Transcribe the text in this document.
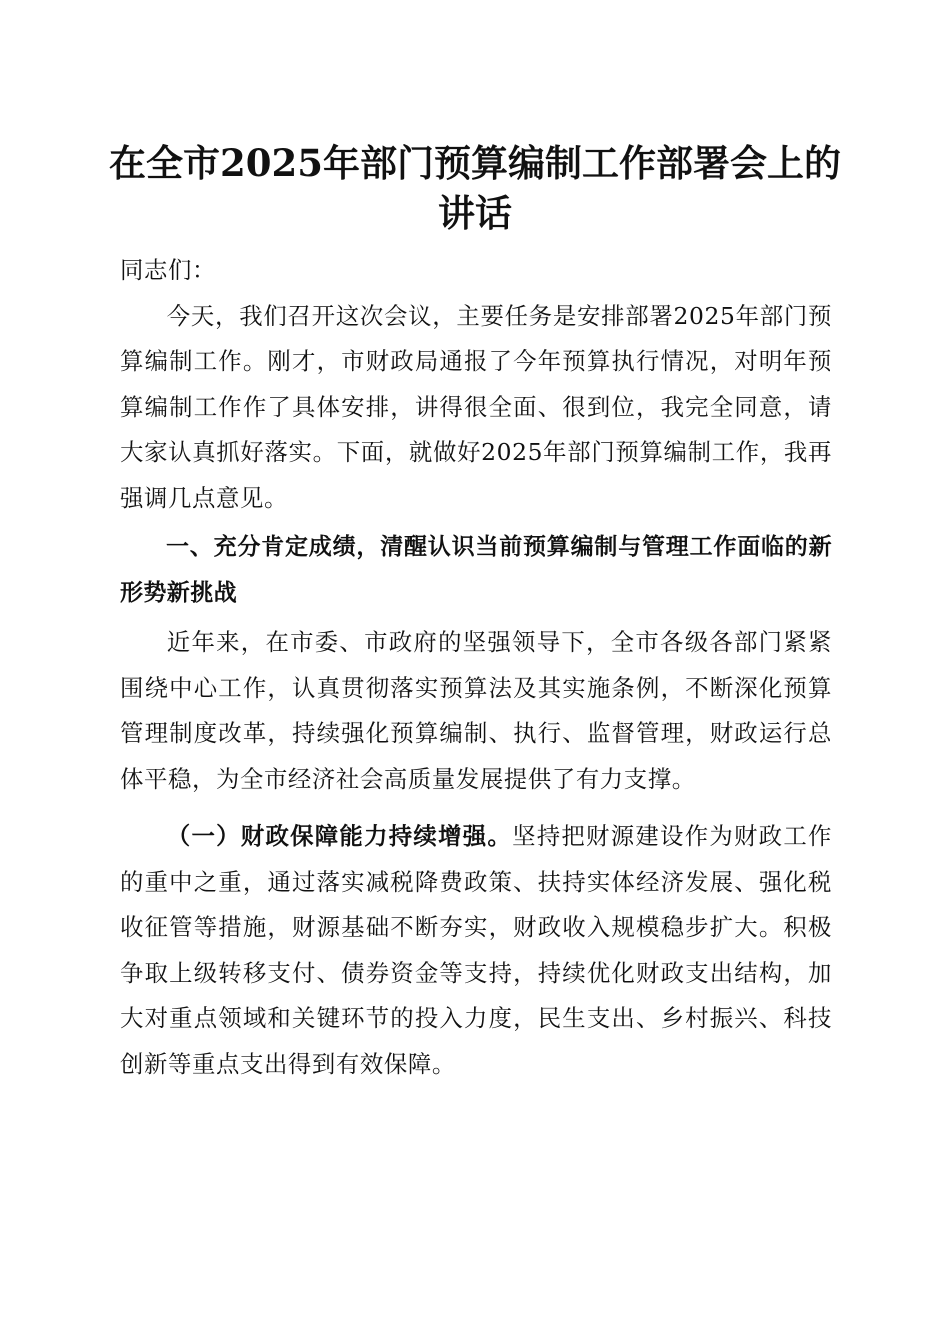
在全市2025年部门预算编制工作部署会上的
讲话

同志们：

今天，我们召开这次会议，主要任务是安排部署2025年部门预算编制工作。刚才，市财政局通报了今年预算执行情况，对明年预算编制工作作了具体安排，讲得很全面、很到位，我完全同意，请大家认真抓好落实。下面，就做好2025年部门预算编制工作，我再强调几点意见。

一、充分肯定成绩，清醒认识当前预算编制与管理工作面临的新形势新挑战

近年来，在市委、市政府的坚强领导下，全市各级各部门紧紧围绕中心工作，认真贯彻落实预算法及其实施条例，不断深化预算管理制度改革，持续强化预算编制、执行、监督管理，财政运行总体平稳，为全市经济社会高质量发展提供了有力支撑。

（一）财政保障能力持续增强。坚持把财源建设作为财政工作的重中之重，通过落实减税降费政策、扶持实体经济发展、强化税收征管等措施，财源基础不断夯实，财政收入规模稳步扩大。积极争取上级转移支付、债券资金等支持，持续优化财政支出结构，加大对重点领域和关键环节的投入力度，民生支出、乡村振兴、科技创新等重点支出得到有效保障。
